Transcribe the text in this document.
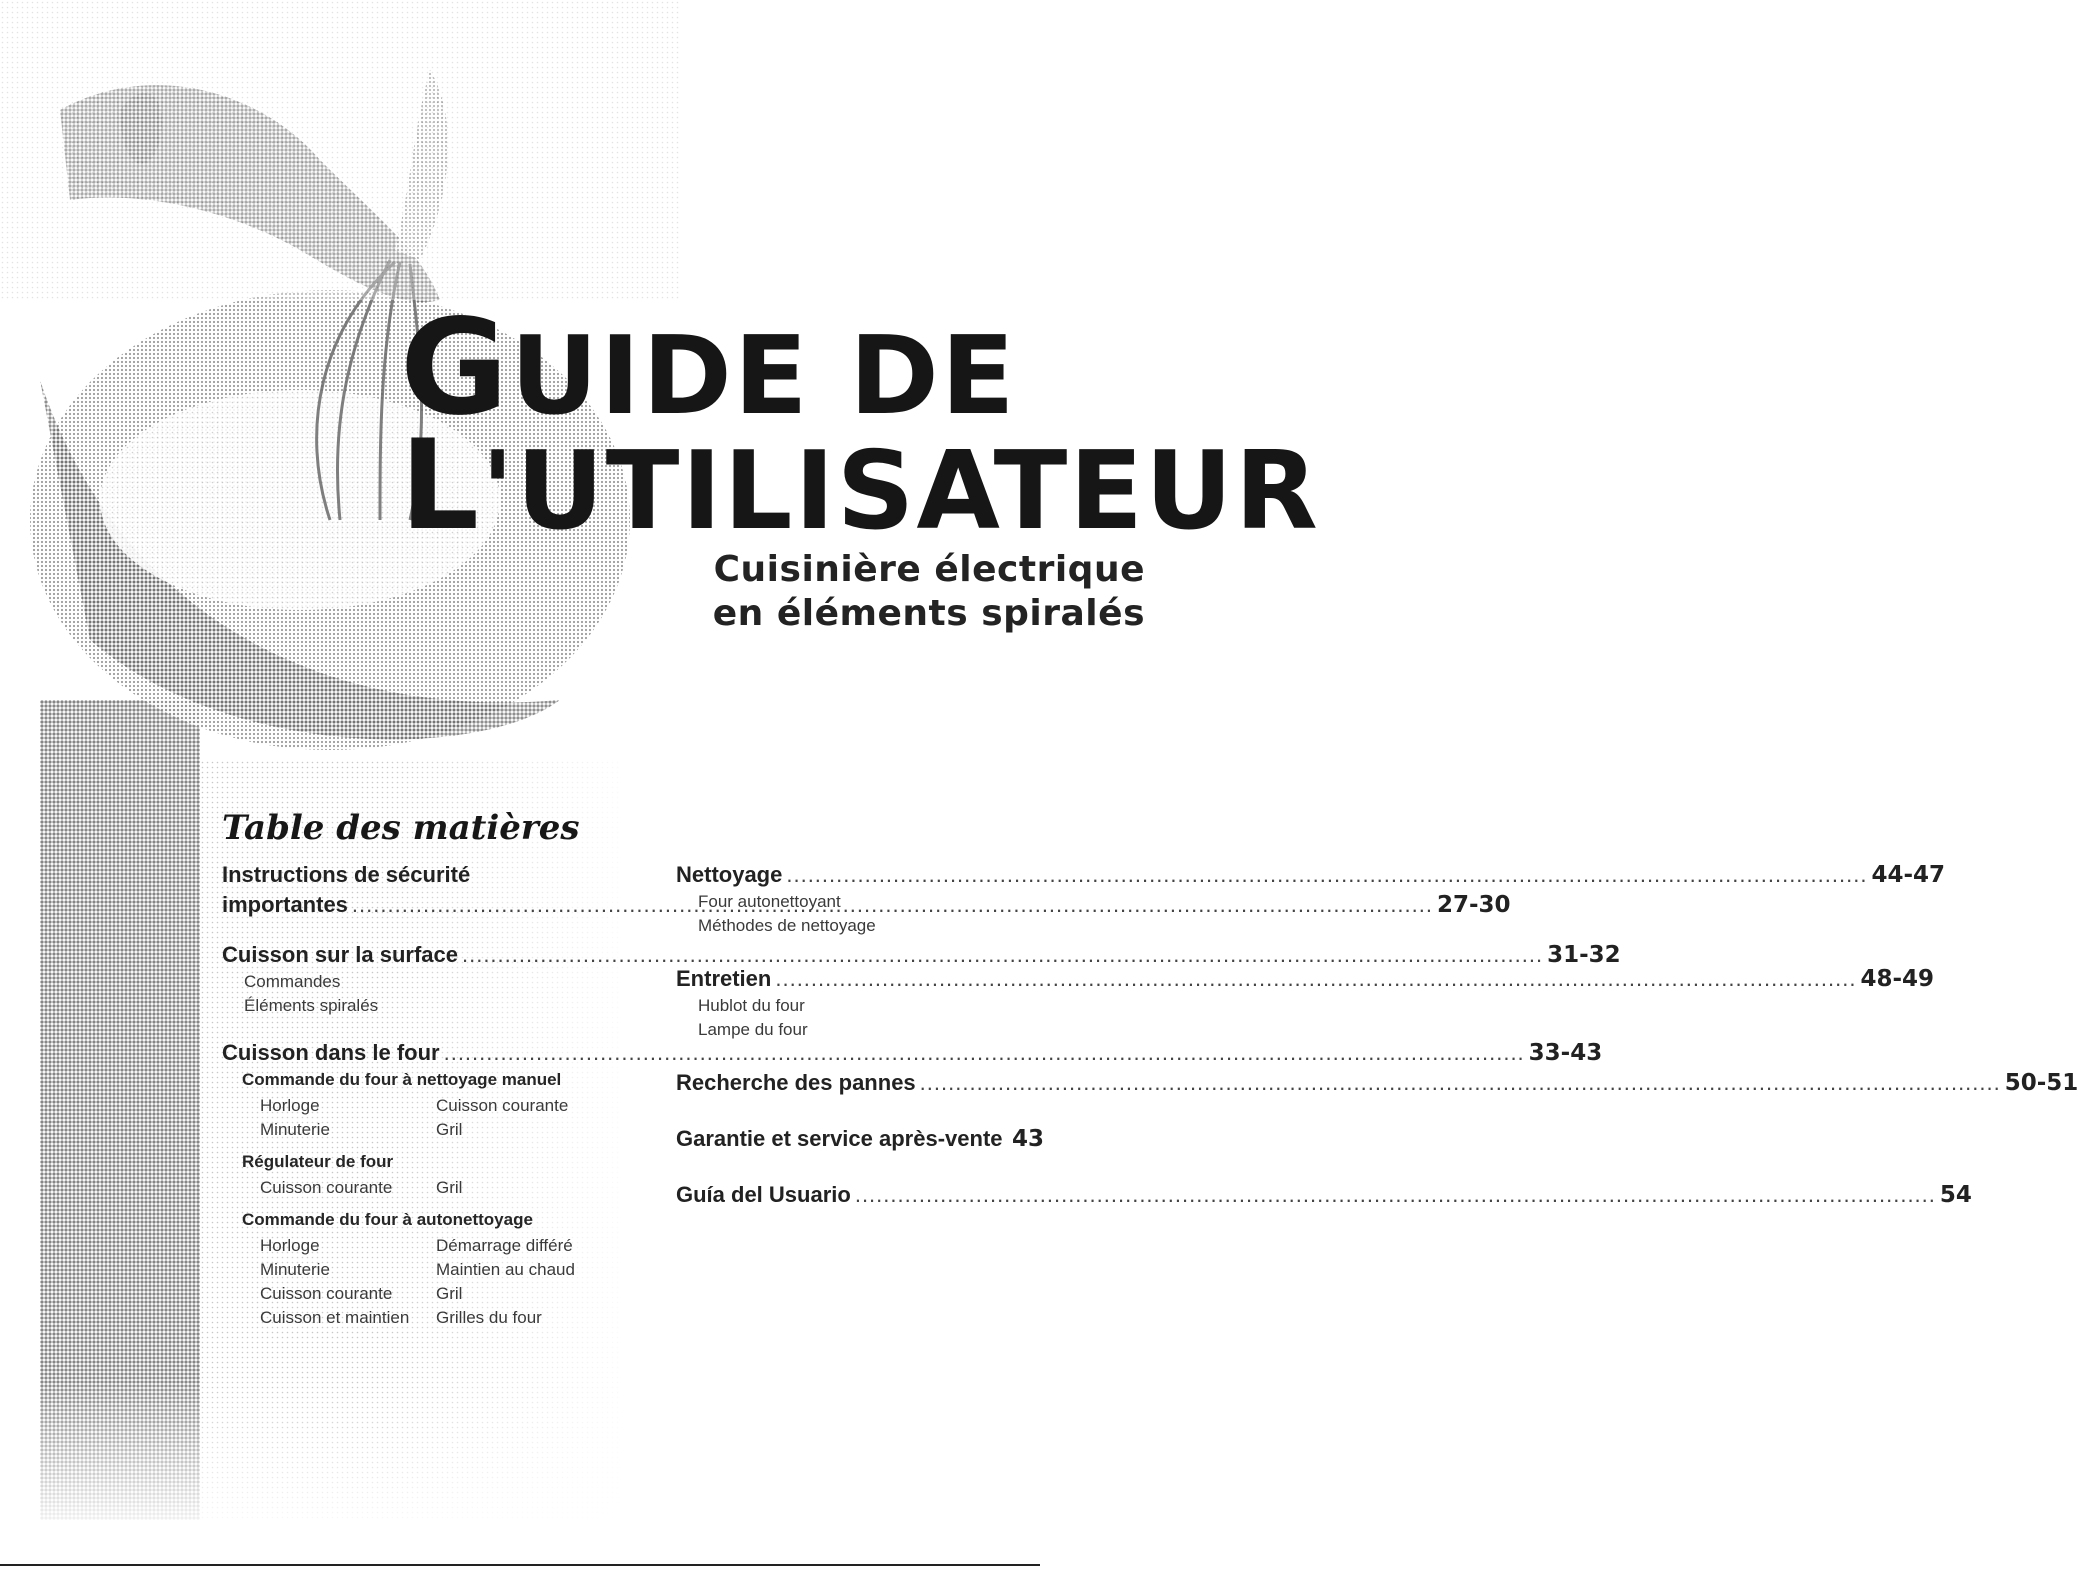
GUIDE DE
L'UTILISATEUR
Cuisinière électrique
en éléments spiralés
Table des matières
Instructions de sécurité
importantes .....	27-30
Cuisson sur la surface .....	31-32
Commandes
Éléments spiralés
Cuisson dans le four .....	33-43
Commande du four à nettoyage manuel
Horloge	Cuisson courante
Minuterie	Gril
Régulateur de four
Cuisson courante	Gril
Commande du four à autonettoyage
Horloge	Démarrage différé
Minuterie	Maintien au chaud
Cuisson courante	Gril
Cuisson et maintien	Grilles du four
Nettoyage .....	44-47
Four autonettoyant
Méthodes de nettoyage
Entretien .....	48-49
Hublot du four
Lampe du four
Recherche des pannes .....	50-51
Garantie et service après-vente ..... 43
Guía del Usuario .....	54
